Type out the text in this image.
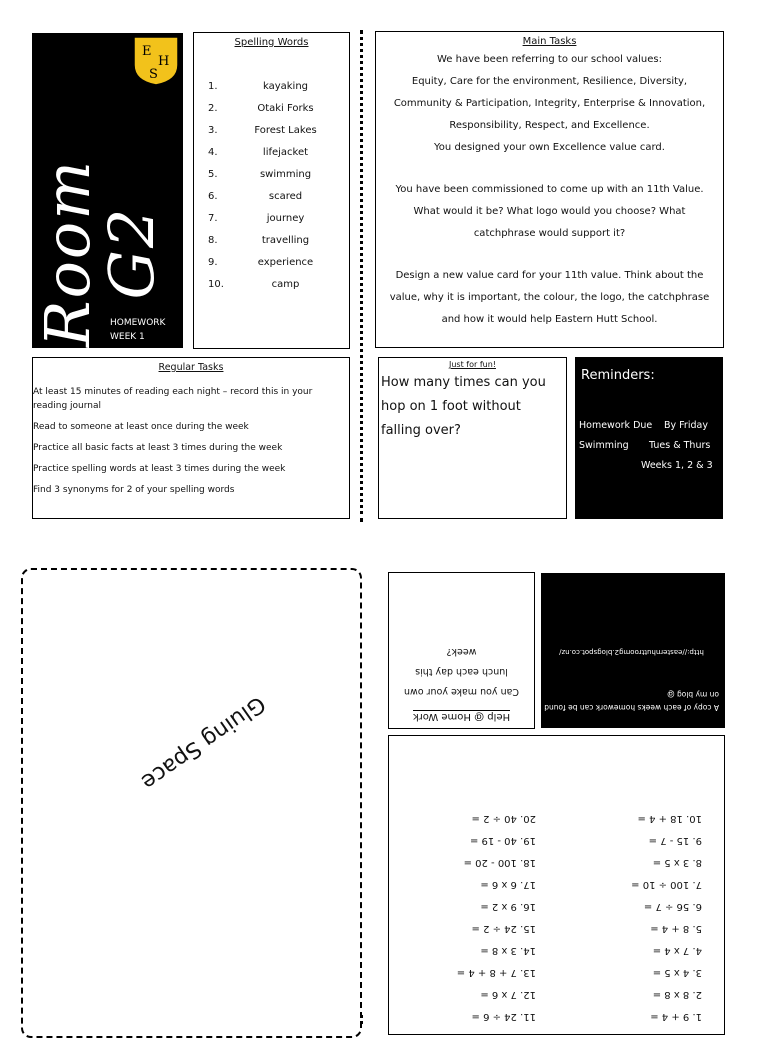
Room G2
E
H
S
HOMEWORK
WEEK 1
Spelling Words
1.	kayaking
2.	Otaki Forks
3.	Forest Lakes
4.	lifejacket
5.	swimming
6.	scared
7.	journey
8.	travelling
9.	experience
10.	camp
Main Tasks

We have been referring to our school values:

Equity, Care for the environment, Resilience, Diversity,

Community & Participation, Integrity, Enterprise & Innovation,

Responsibility, Respect, and Excellence.

You designed your own Excellence value card.

You have been commissioned to come up with an 11th Value.

What would it be? What logo would you choose? What

catchphrase would support it?

Design a new value card for your 11th value. Think about the

value, why it is important, the colour, the logo, the catchphrase

and how it would help Eastern Hutt School.

Regular Tasks
At least 15 minutes of reading each night – record this in your reading journal
Read to someone at least once during the week
Practice all basic facts at least 3 times during the week
Practice spelling words at least 3 times during the week
Find 3 synonyms for 2 of your spelling words
Just for fun!

How many times can you hop on 1 foot without falling over?

Reminders:
Homework Due By Friday
Swimming Tues & Thurs
Weeks 1, 2 & 3
Gluing Space	Help @ Home Work

Can you make your own lunch each day this week?

A copy of each weeks homework can be found on my blog @
http://easternhuttroomg2.blogspot.co.nz/
1. 9 + 4 =
2. 8 x 8 =
3. 4 x 5 =
4. 7 x 4 =
5. 8 + 4 =
6. 56 ÷ 7 =
7. 100 ÷ 10 =
8. 3 x 5 =
9. 15 - 7 =
10. 18 + 4 =
11. 24 ÷ 6 =
12. 7 x 6 =
13. 7 + 8 + 4 =
14. 3 x 8 =
15. 24 ÷ 2 =
16. 9 x 2 =
17. 6 x 6 =
18. 100 - 20 =
19. 40 - 19 =
20. 40 ÷ 2 =
